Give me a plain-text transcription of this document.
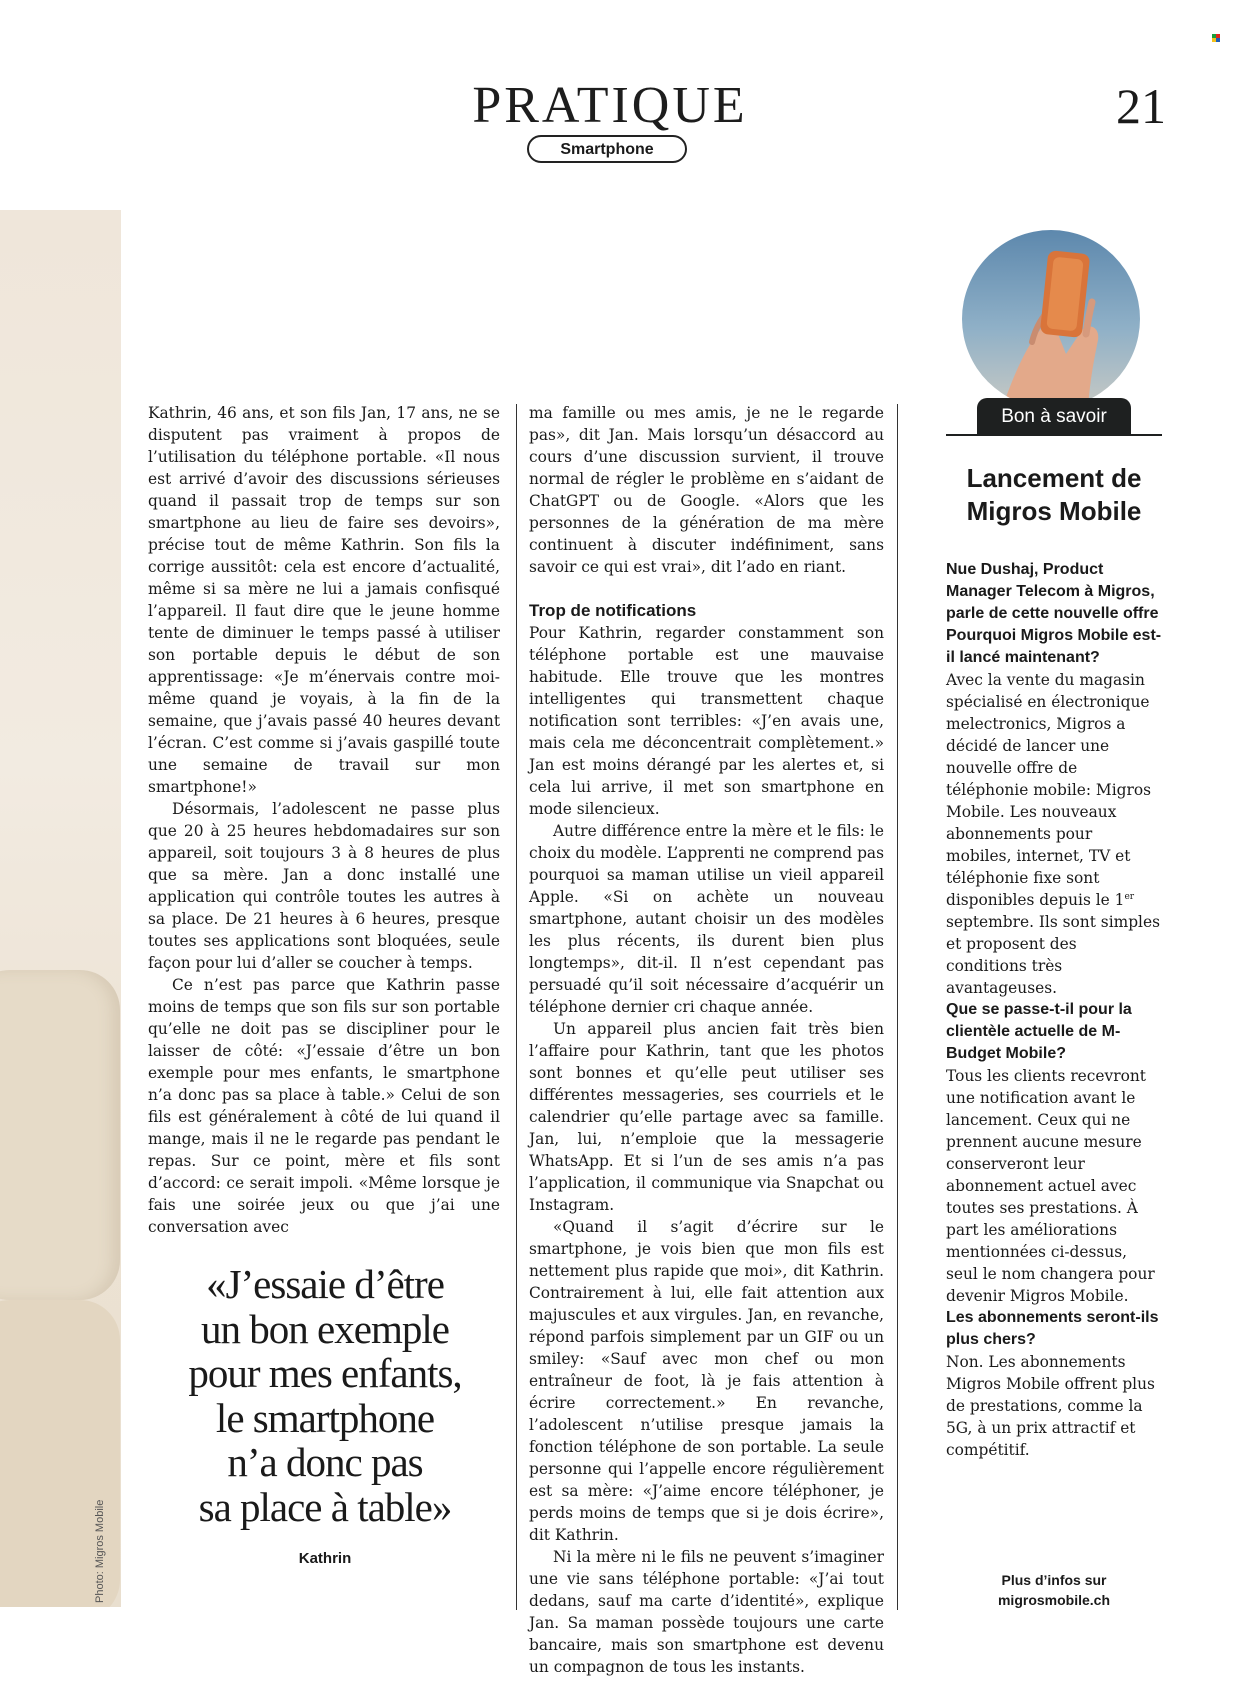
PRATIQUE
Smartphone
21
Photo: Migros Mobile

Kathrin, 46 ans, et son fils Jan, 17 ans, ne se disputent pas vraiment à propos de l’utilisation du téléphone portable. «Il nous est arrivé d’avoir des discussions sérieuses quand il passait trop de temps sur son smartphone au lieu de faire ses devoirs», précise tout de même Kathrin. Son fils la corrige aussitôt: cela est encore d’actualité, même si sa mère ne lui a jamais confisqué l’appareil. Il faut dire que le jeune homme tente de diminuer le temps passé à utiliser son portable depuis le début de son apprentissage: «Je m’énervais contre moi-même quand je voyais, à la fin de la semaine, que j’avais passé 40 heures devant l’écran. C’est comme si j’avais gaspillé toute une semaine de travail sur mon smartphone!»

Désormais, l’adolescent ne passe plus que 20 à 25 heures hebdomadaires sur son appareil, soit toujours 3 à 8 heures de plus que sa mère. Jan a donc installé une application qui contrôle toutes les autres à sa place. De 21 heures à 6 heures, presque toutes ses applications sont bloquées, seule façon pour lui d’aller se coucher à temps.

Ce n’est pas parce que Kathrin passe moins de temps que son fils sur son portable qu’elle ne doit pas se discipliner pour le laisser de côté: «J’essaie d’être un bon exemple pour mes enfants, le smartphone n’a donc pas sa place à table.» Celui de son fils est généralement à côté de lui quand il mange, mais il ne le regarde pas pendant le repas. Sur ce point, mère et fils sont d’accord: ce serait impoli. «Même lorsque je fais une soirée jeux ou que j’ai une conversation avec

ma famille ou mes amis, je ne le regarde pas», dit Jan. Mais lorsqu’un désaccord au cours d’une discussion survient, il trouve normal de régler le problème en s’aidant de ChatGPT ou de Google. «Alors que les personnes de la génération de ma mère continuent à discuter indéfiniment, sans savoir ce qui est vrai», dit l’ado en riant.

Trop de notifications

Pour Kathrin, regarder constamment son téléphone portable est une mauvaise habitude. Elle trouve que les montres intelligentes qui transmettent chaque notification sont terribles: «J’en avais une, mais cela me déconcentrait complètement.» Jan est moins dérangé par les alertes et, si cela lui arrive, il met son smartphone en mode silencieux.

Autre différence entre la mère et le fils: le choix du modèle. L’apprenti ne comprend pas pourquoi sa maman utilise un vieil appareil Apple. «Si on achète un nouveau smartphone, autant choisir un des modèles les plus récents, ils durent bien plus longtemps», dit-il. Il n’est cependant pas persuadé qu’il soit nécessaire d’acquérir un téléphone dernier cri chaque année.

Un appareil plus ancien fait très bien l’affaire pour Kathrin, tant que les photos sont bonnes et qu’elle peut utiliser ses différentes messageries, ses courriels et le calendrier qu’elle partage avec sa famille. Jan, lui, n’emploie que la messagerie WhatsApp. Et si l’un de ses amis n’a pas l’application, il communique via Snapchat ou Instagram.

«Quand il s’agit d’écrire sur le smartphone, je vois bien que mon fils est nettement plus rapide que moi», dit Kathrin. Contrairement à lui, elle fait attention aux majuscules et aux virgules. Jan, en revanche, répond parfois simplement par un GIF ou un smiley: «Sauf avec mon chef ou mon entraîneur de foot, là je fais attention à écrire correctement.» En revanche, l’adolescent n’utilise presque jamais la fonction téléphone de son portable. La seule personne qui l’appelle encore régulièrement est sa mère: «J’aime encore téléphoner, je perds moins de temps que si je dois écrire», dit Kathrin.

Ni la mère ni le fils ne peuvent s’imaginer une vie sans téléphone portable: «J’ai tout dedans, sauf ma carte d’identité», explique Jan. Sa maman possède toujours une carte bancaire, mais son smartphone est devenu un compagnon de tous les instants.

«J’essaie d’être
un bon exemple
pour mes enfants,
le smartphone
n’a donc pas
sa place à table»
Kathrin
Bon à savoir
Lancement de
Migros Mobile

Nue Dushaj, Product Manager Telecom à Migros, parle de cette nouvelle offre

Pourquoi Migros Mobile est-il lancé maintenant?

Avec la vente du magasin spécialisé en électronique melectronics, Migros a décidé de lancer une nouvelle offre de téléphonie mobile: Migros Mobile. Les nouveaux abonnements pour mobiles, internet, TV et téléphonie fixe sont disponibles depuis le 1er septembre. Ils sont simples et proposent des conditions très avantageuses.

Que se passe-t-il pour la clientèle actuelle de M-Budget Mobile?

Tous les clients recevront une notification avant le lancement. Ceux qui ne prennent aucune mesure conserveront leur abonnement actuel avec toutes ses prestations. À part les améliorations mentionnées ci-dessus, seul le nom changera pour devenir Migros Mobile.

Les abonnements seront-ils plus chers?

Non. Les abonnements Migros Mobile offrent plus de prestations, comme la 5G, à un prix attractif et compétitif.

Plus d’infos sur
migrosmobile.ch
